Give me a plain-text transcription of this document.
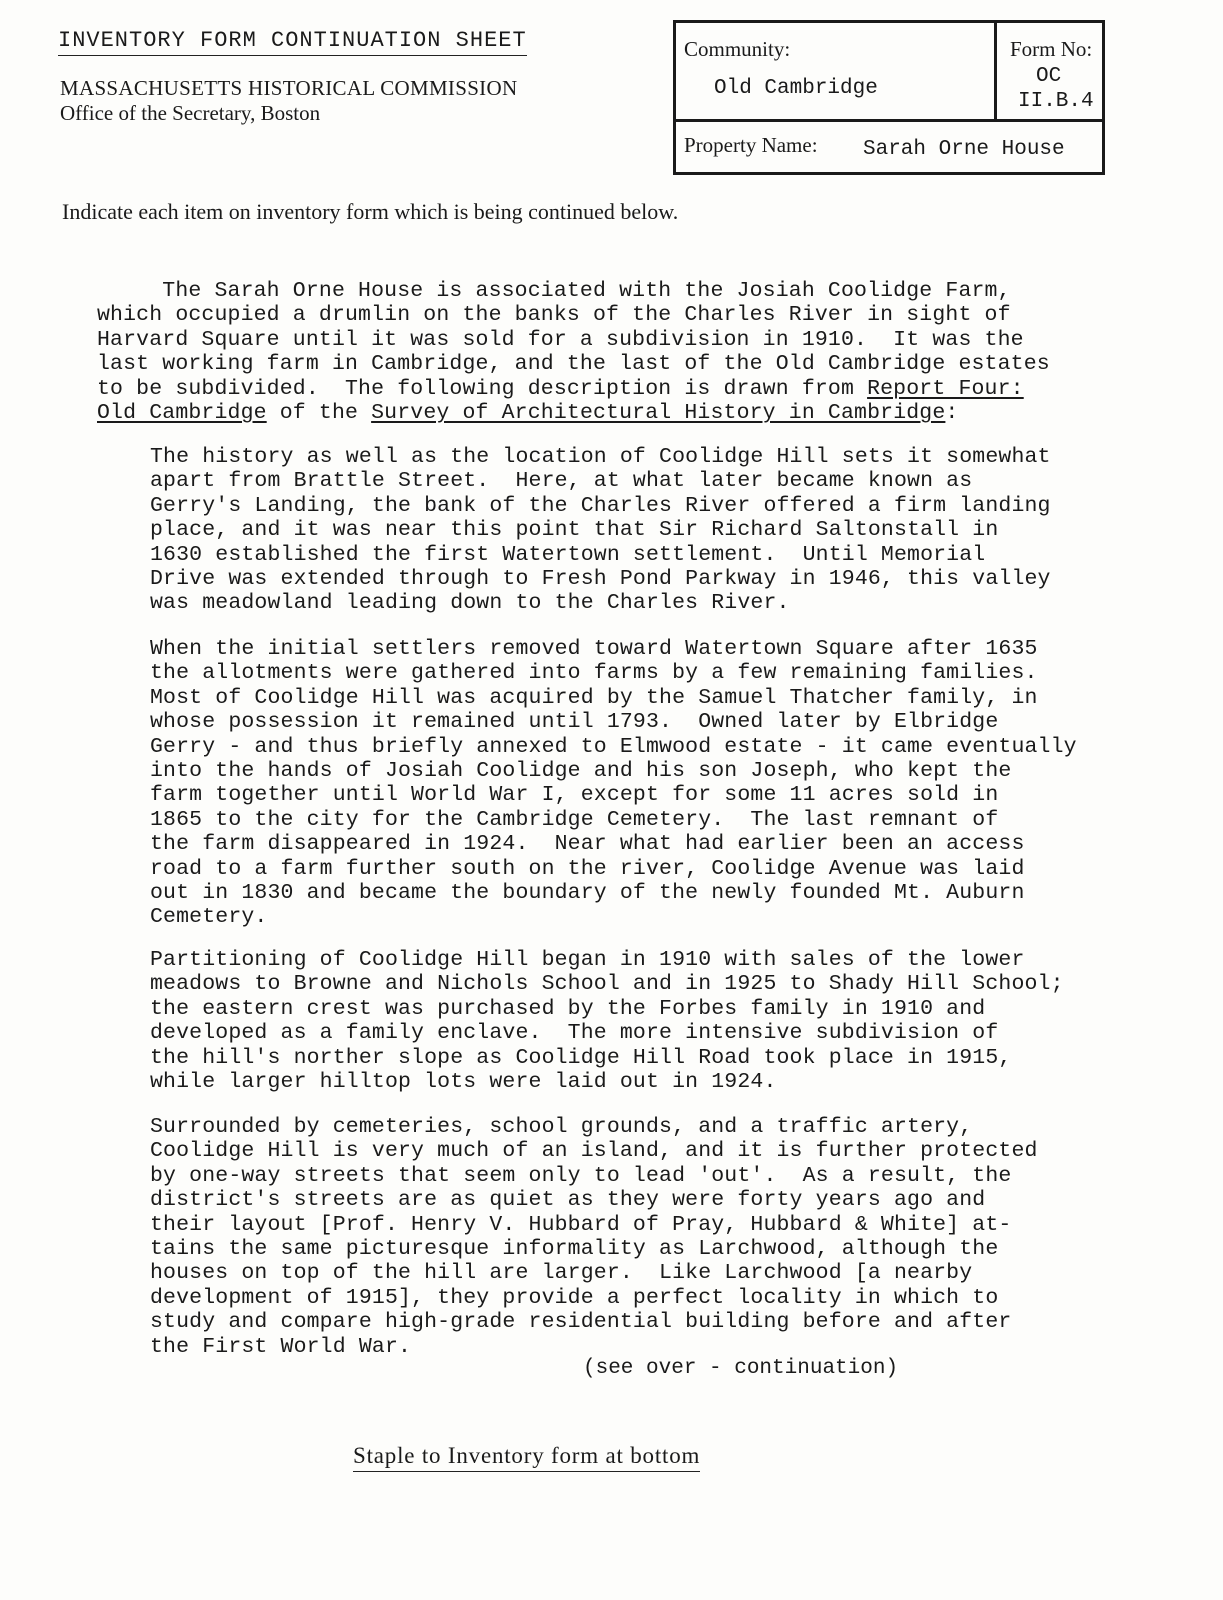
INVENTORY FORM CONTINUATION SHEET
MASSACHUSETTS HISTORICAL COMMISSION
Office of the Secretary, Boston
Community:
Old Cambridge
Form No:
OC
II.B.4
Property Name: Sarah Orne House
Indicate each item on inventory form which is being continued below.
The Sarah Orne House is associated with the Josiah Coolidge Farm,
which occupied a drumlin on the banks of the Charles River in sight of
Harvard Square until it was sold for a subdivision in 1910.  It was the
last working farm in Cambridge, and the last of the Old Cambridge estates
to be subdivided.  The following description is drawn from Report Four:
Old Cambridge of the Survey of Architectural History in Cambridge:
The history as well as the location of Coolidge Hill sets it somewhat
apart from Brattle Street.  Here, at what later became known as
Gerry's Landing, the bank of the Charles River offered a firm landing
place, and it was near this point that Sir Richard Saltonstall in
1630 established the first Watertown settlement.  Until Memorial
Drive was extended through to Fresh Pond Parkway in 1946, this valley
was meadowland leading down to the Charles River.
When the initial settlers removed toward Watertown Square after 1635
the allotments were gathered into farms by a few remaining families.
Most of Coolidge Hill was acquired by the Samuel Thatcher family, in
whose possession it remained until 1793.  Owned later by Elbridge
Gerry - and thus briefly annexed to Elmwood estate - it came eventually
into the hands of Josiah Coolidge and his son Joseph, who kept the
farm together until World War I, except for some 11 acres sold in
1865 to the city for the Cambridge Cemetery.  The last remnant of
the farm disappeared in 1924.  Near what had earlier been an access
road to a farm further south on the river, Coolidge Avenue was laid
out in 1830 and became the boundary of the newly founded Mt. Auburn
Cemetery.
Partitioning of Coolidge Hill began in 1910 with sales of the lower
meadows to Browne and Nichols School and in 1925 to Shady Hill School;
the eastern crest was purchased by the Forbes family in 1910 and
developed as a family enclave.  The more intensive subdivision of
the hill's norther slope as Coolidge Hill Road took place in 1915,
while larger hilltop lots were laid out in 1924.
Surrounded by cemeteries, school grounds, and a traffic artery,
Coolidge Hill is very much of an island, and it is further protected
by one-way streets that seem only to lead 'out'.  As a result, the
district's streets are as quiet as they were forty years ago and
their layout [Prof. Henry V. Hubbard of Pray, Hubbard & White] at-
tains the same picturesque informality as Larchwood, although the
houses on top of the hill are larger.  Like Larchwood [a nearby
development of 1915], they provide a perfect locality in which to
study and compare high-grade residential building before and after
the First World War.
(see over - continuation)
Staple to Inventory form at bottom
